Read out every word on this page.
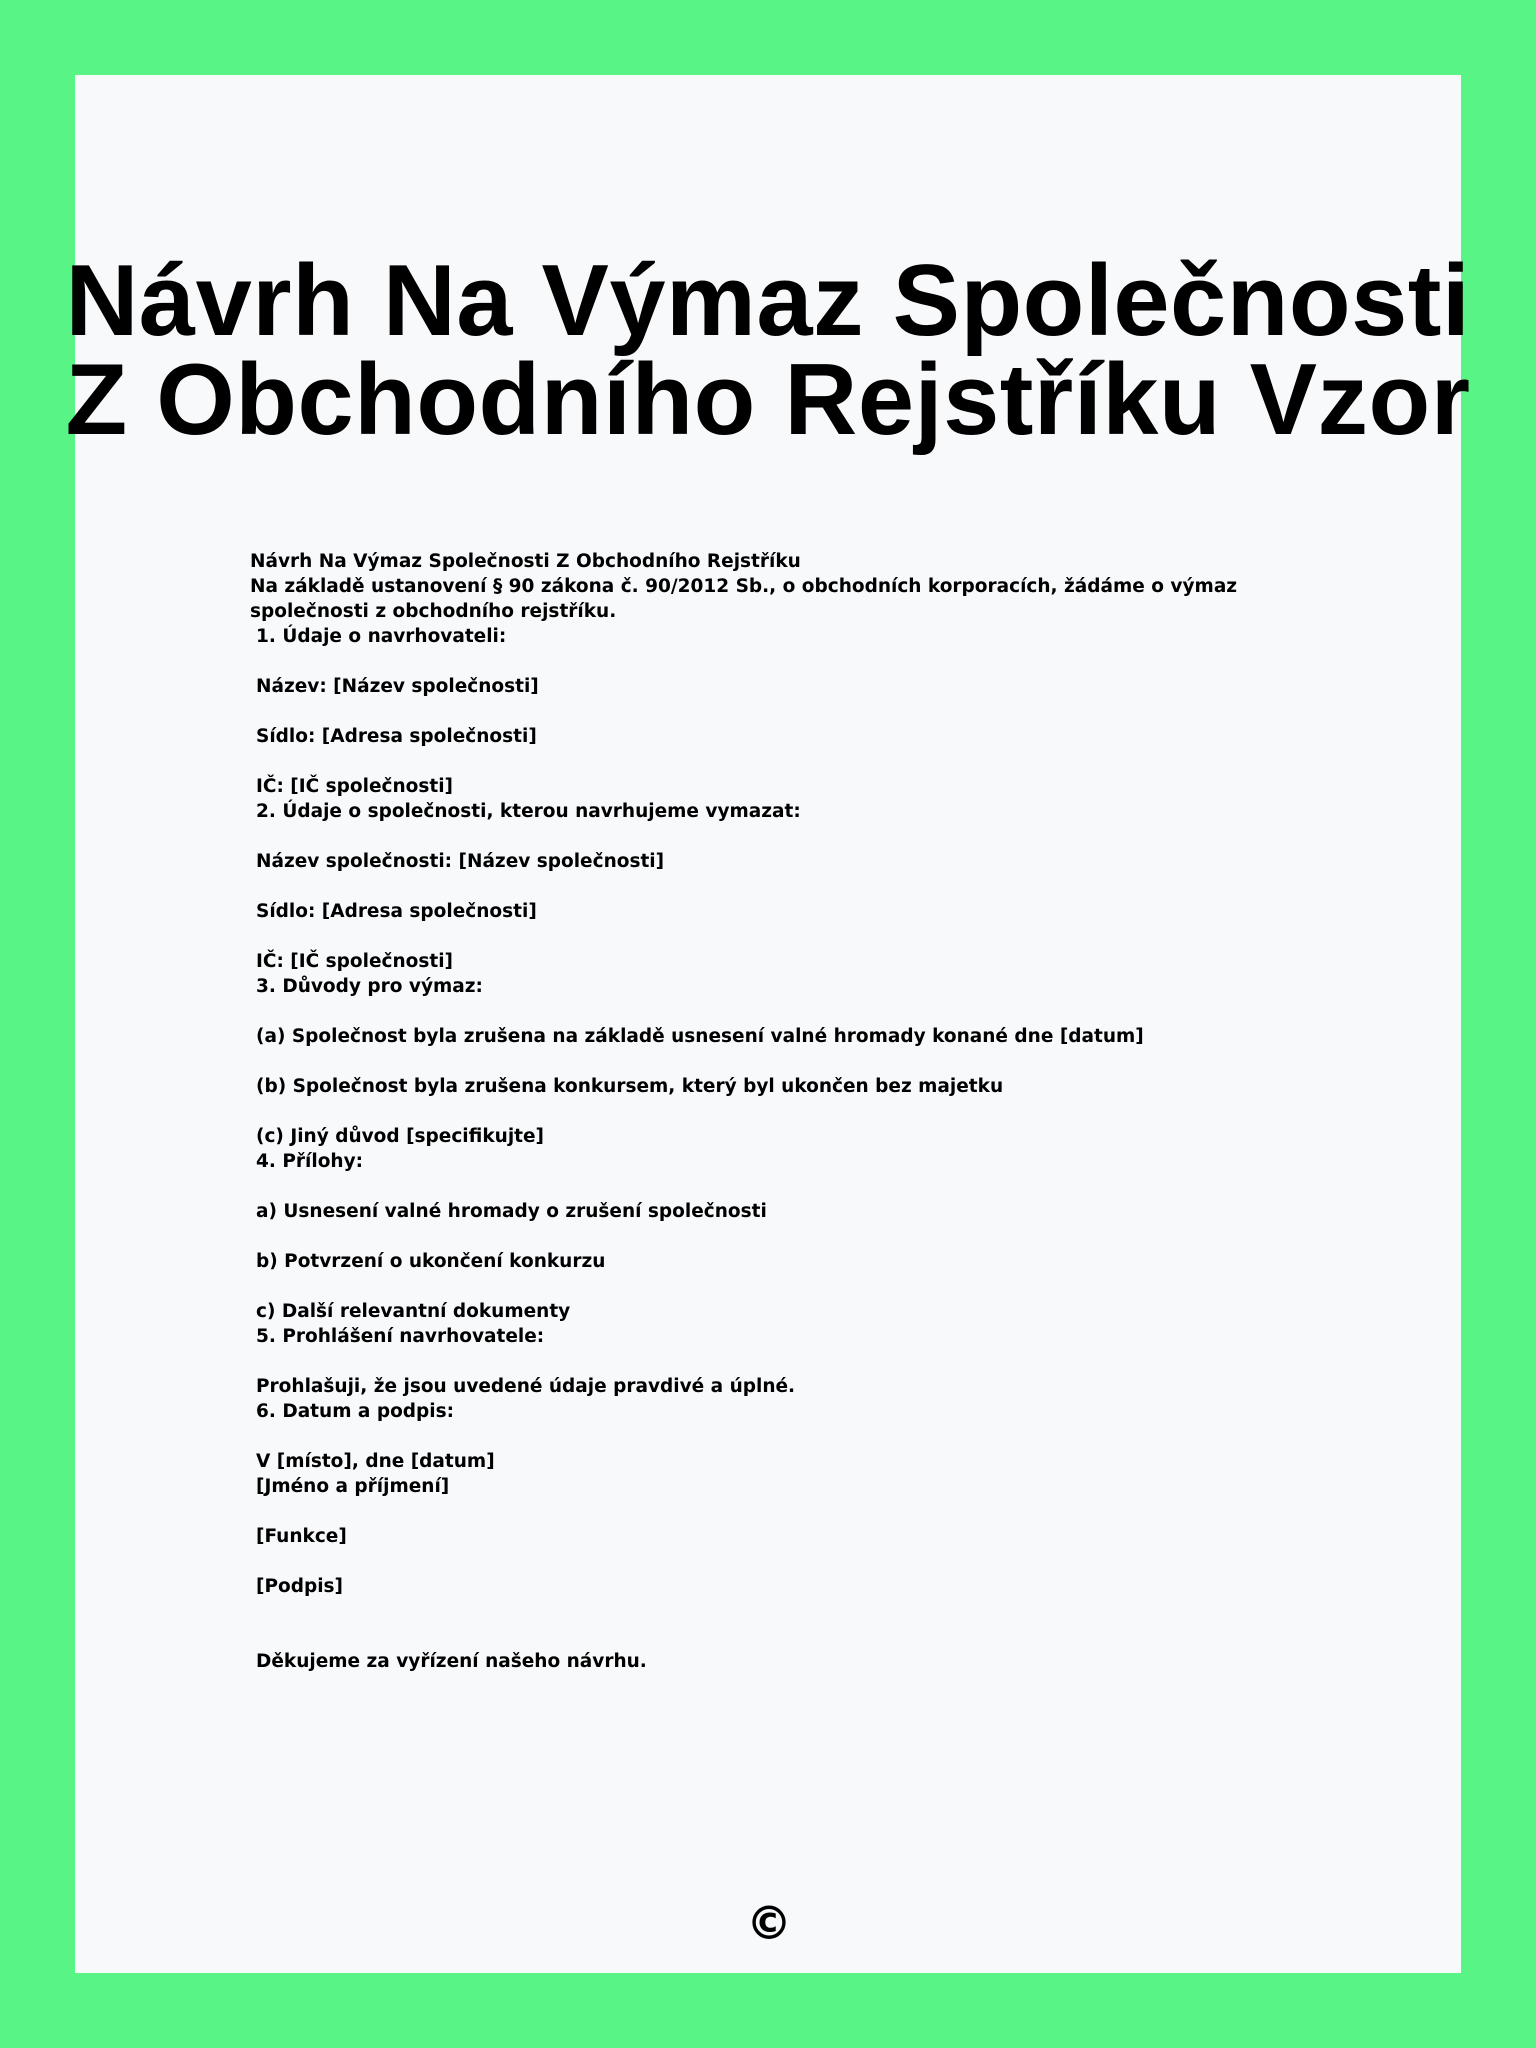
Návrh Na Výmaz Společnosti
Z Obchodního Rejstříku Vzor
Návrh Na Výmaz Společnosti Z Obchodního Rejstříku
Na základě ustanovení § 90 zákona č. 90/2012 Sb., o obchodních korporacích, žádáme o výmaz společnosti z obchodního rejstříku.
1. Údaje o navrhovateli:
Název: [Název společnosti]
Sídlo: [Adresa společnosti]
IČ: [IČ společnosti]
2. Údaje o společnosti, kterou navrhujeme vymazat:
Název společnosti: [Název společnosti]
Sídlo: [Adresa společnosti]
IČ: [IČ společnosti]
3. Důvody pro výmaz:
(a) Společnost byla zrušena na základě usnesení valné hromady konané dne [datum]
(b) Společnost byla zrušena konkursem, který byl ukončen bez majetku
(c) Jiný důvod [specifikujte]
4. Přílohy:
a) Usnesení valné hromady o zrušení společnosti
b) Potvrzení o ukončení konkurzu
c) Další relevantní dokumenty
5. Prohlášení navrhovatele:
Prohlašuji, že jsou uvedené údaje pravdivé a úplné.
6. Datum a podpis:
V [místo], dne [datum]
[Jméno a příjmení]
[Funkce]
[Podpis]
Děkujeme za vyřízení našeho návrhu.
©
